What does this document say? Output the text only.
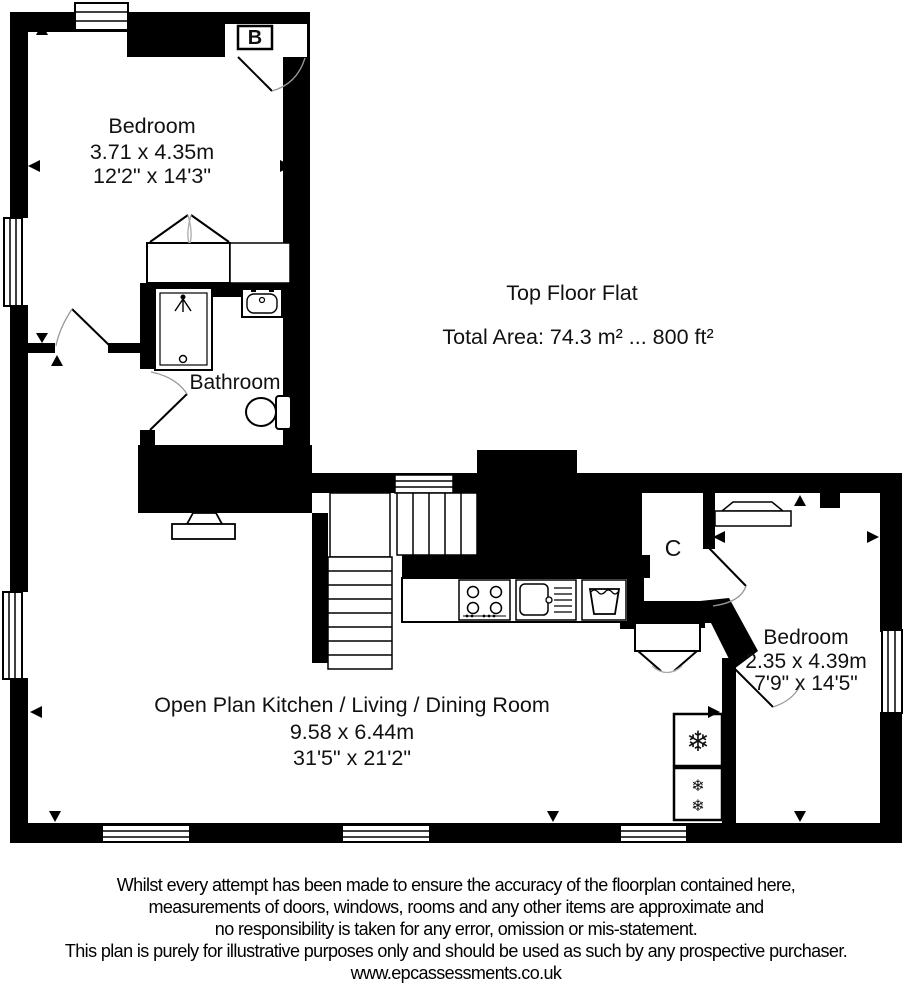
❄
❄
❄
Bedroom
3.71 x 4.35m
12'2" x 14'3"
Top Floor Flat
Total Area: 74.3 m² ... 800 ft²
Bathroom
Open Plan Kitchen / Living / Dining Room
9.58 x 6.44m
31'5" x 21'2"
Bedroom
2.35 x 4.39m
7'9" x 14'5"
B
C

Whilst every attempt has been made to ensure the accuracy of the floorplan contained here,

measurements of doors, windows, rooms and any other items are approximate and

no responsibility is taken for any error, omission or mis-statement.

This plan is purely for illustrative purposes only and should be used as such by any prospective purchaser.

www.epcassessments.co.uk
